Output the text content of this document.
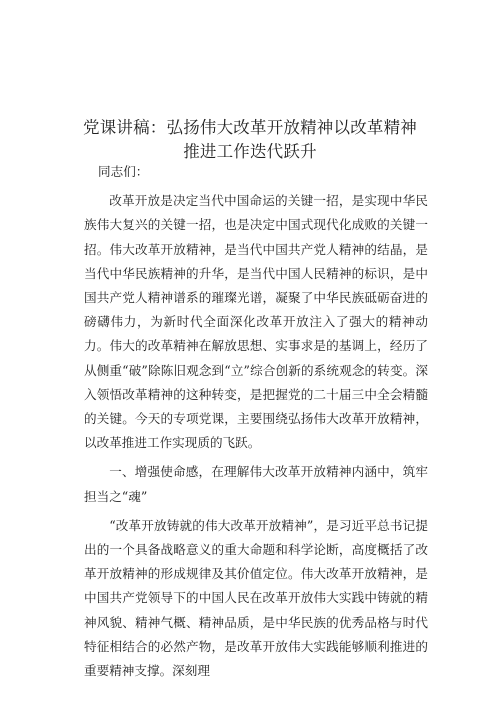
党课讲稿：弘扬伟大改革开放精神以改革精神
推进工作迭代跃升

同志们：

改革开放是决定当代中国命运的关键一招，是实现中华民族伟大复兴的关键一招，也是决定中国式现代化成败的关键一招。伟大改革开放精神，是当代中国共产党人精神的结晶，是当代中华民族精神的升华，是当代中国人民精神的标识，是中国共产党人精神谱系的璀璨光谱，凝聚了中华民族砥砺奋进的磅礴伟力，为新时代全面深化改革开放注入了强大的精神动力。伟大的改革精神在解放思想、实事求是的基调上，经历了从侧重“破”除陈旧观念到“立”综合创新的系统观念的转变。深入领悟改革精神的这种转变，是把握党的二十届三中全会精髓的关键。今天的专项党课，主要围绕弘扬伟大改革开放精神，以改革推进工作实现质的飞跃。

一、增强使命感，在理解伟大改革开放精神内涵中，筑牢担当之“魂”

“改革开放铸就的伟大改革开放精神”，是习近平总书记提出的一个具备战略意义的重大命题和科学论断，高度概括了改革开放精神的形成规律及其价值定位。伟大改革开放精神，是中国共产党领导下的中国人民在改革开放伟大实践中铸就的精神风貌、精神气概、精神品质，是中华民族的优秀品格与时代特征相结合的必然产物，是改革开放伟大实践能够顺利推进的重要精神支撑。深刻理
